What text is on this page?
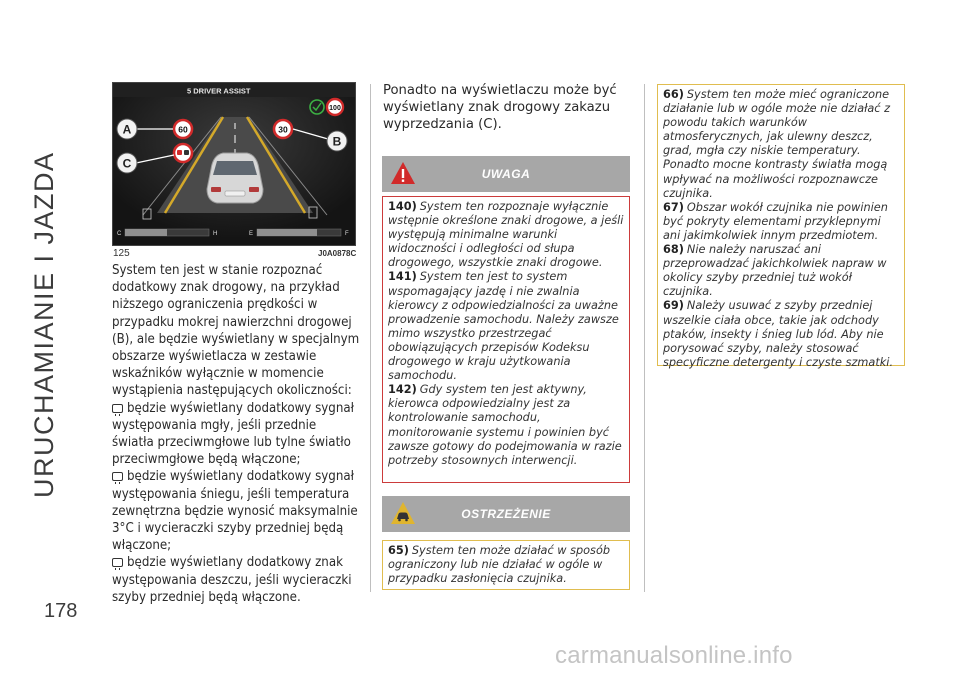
URUCHAMIANIE I JAZDA
178
5 DRIVER ASSIST
60	30
100
A
C
B
C	H	E	F
125	J0A0878C

System ten jest w stanie rozpoznać dodatkowy znak drogowy, na przykład niższego ograniczenia prędkości w przypadku mokrej nawierzchni drogowej (B), ale będzie wyświetlany w specjalnym obszarze wyświetlacza w zestawie wskaźników wyłącznie w momencie wystąpienia następujących okoliczności:

będzie wyświetlany dodatkowy sygnał występowania mgły, jeśli przednie światła przeciwmgłowe lub tylne światło przeciwmgłowe będą włączone;

będzie wyświetlany dodatkowy sygnał występowania śniegu, jeśli temperatura zewnętrzna będzie wynosić maksymalnie 3°C i wycieraczki szyby przedniej będą włączone;

będzie wyświetlany dodatkowy znak występowania deszczu, jeśli wycieraczki szyby przedniej będą włączone.

Ponadto na wyświetlaczu może być wyświetlany znak drogowy zakazu wyprzedzania (C).
UWAGA

140) System ten rozpoznaje wyłącznie wstępnie określone znaki drogowe, a jeśli występują minimalne warunki widoczności i odległości od słupa drogowego, wszystkie znaki drogowe.

141) System ten jest to system wspomagający jazdę i nie zwalnia kierowcy z odpowiedzialności za uważne prowadzenie samochodu. Należy zawsze mimo wszystko przestrzegać obowiązujących przepisów Kodeksu drogowego w kraju użytkowania samochodu.

142) Gdy system ten jest aktywny, kierowca odpowiedzialny jest za kontrolowanie samochodu, monitorowanie systemu i powinien być zawsze gotowy do podejmowania w razie potrzeby stosownych interwencji.

OSTRZEŻENIE

65) System ten może działać w sposób ograniczony lub nie działać w ogóle w przypadku zasłonięcia czujnika.

66) System ten może mieć ograniczone działanie lub w ogóle może nie działać z powodu takich warunków atmosferycznych, jak ulewny deszcz, grad, mgła czy niskie temperatury. Ponadto mocne kontrasty światła mogą wpływać na możliwości rozpoznawcze czujnika.

67) Obszar wokół czujnika nie powinien być pokryty elementami przyklepnymi ani jakimkolwiek innym przedmiotem.

68) Nie należy naruszać ani przeprowadzać jakichkolwiek napraw w okolicy szyby przedniej tuż wokół czujnika.

69) Należy usuwać z szyby przedniej wszelkie ciała obce, takie jak odchody ptaków, insekty i śnieg lub lód. Aby nie porysować szyby, należy stosować specyficzne detergenty i czyste szmatki.

carmanualsonline.info
